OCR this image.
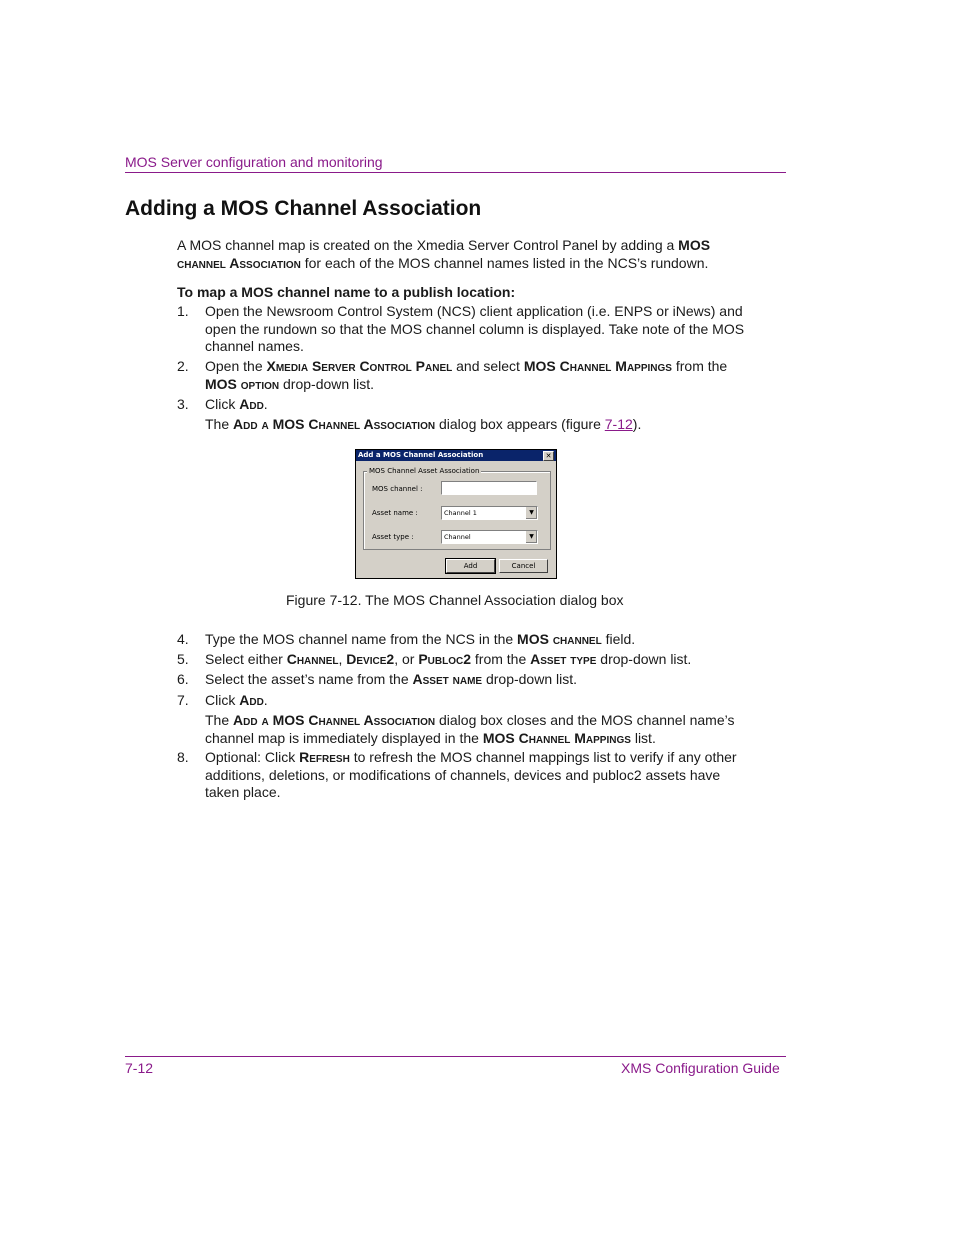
MOS Server configuration and monitoring
Adding a MOS Channel Association
A MOS channel map is created on the Xmedia Server Control Panel by adding a MOS channel Association for each of the MOS channel names listed in the NCS’s rundown.
To map a MOS channel name to a publish location:
1.	Open the Newsroom Control System (NCS) client application (i.e. ENPS or iNews) and open the rundown so that the MOS channel column is displayed. Take note of the MOS channel names.
2.	Open the Xmedia Server Control Panel and select MOS Channel Mappings from the MOS option drop-down list.
3.	Click Add.
The Add a MOS Channel Association dialog box appears (figure 7-12).
Add a MOS Channel Association	✕
MOS Channel Asset Association
MOS channel :
Asset name :	Channel 1	▼
Asset type :	Channel	▼
Add	Cancel
Figure 7-12. The MOS Channel Association dialog box
4.	Type the MOS channel name from the NCS in the MOS channel field.
5.	Select either Channel, Device2, or Publoc2 from the Asset type drop-down list.
6.	Select the asset’s name from the Asset name drop-down list.
7.	Click Add.
The Add a MOS Channel Association dialog box closes and the MOS channel name’s channel map is immediately displayed in the MOS Channel Mappings list.
8.	Optional: Click Refresh to refresh the MOS channel mappings list to verify if any other additions, deletions, or modifications of channels, devices and publoc2 assets have taken place.
7-12	XMS Configuration Guide
